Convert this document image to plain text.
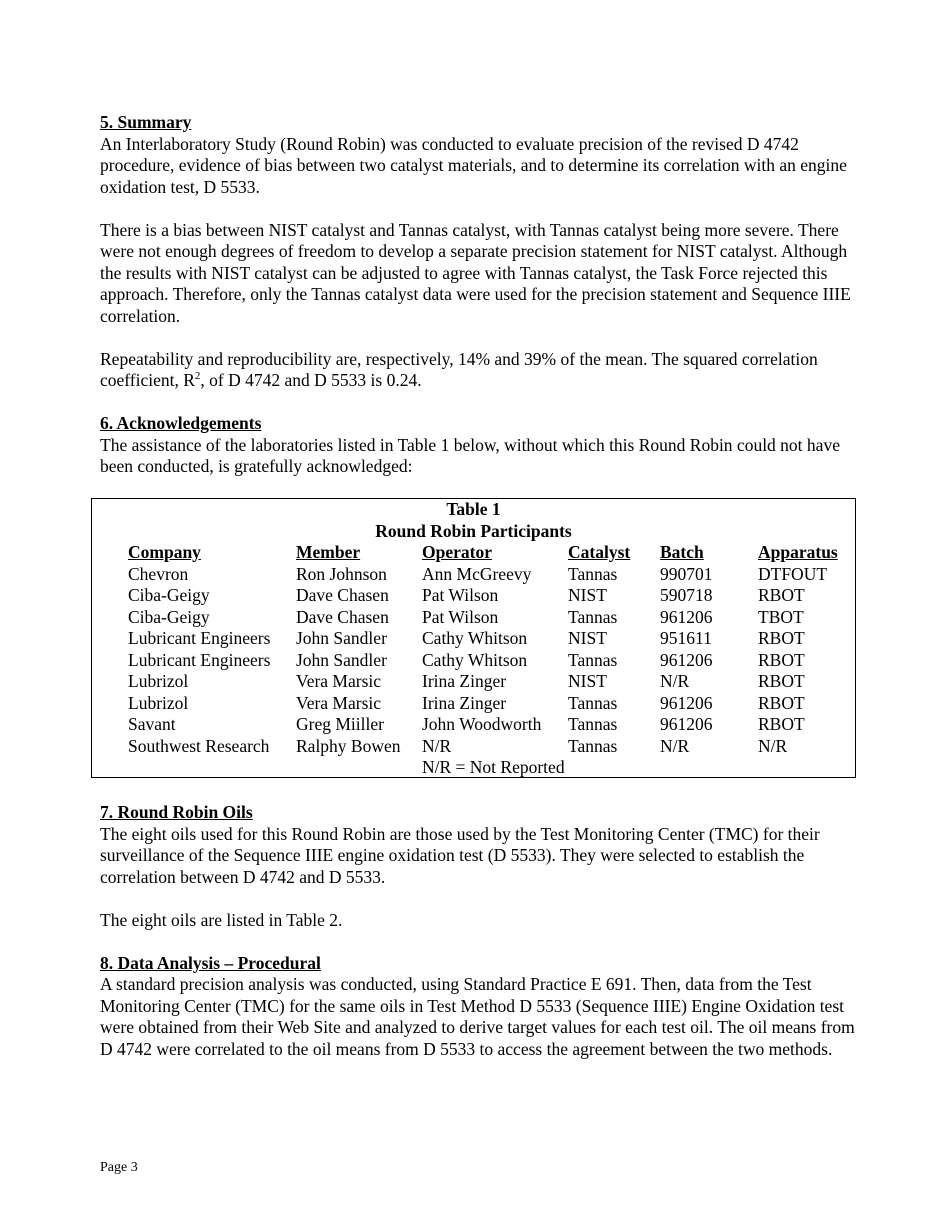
5. Summary

An Interlaboratory Study (Round Robin) was conducted to evaluate precision of the revised D 4742 procedure, evidence of bias between two catalyst materials, and to determine its correlation with an engine oxidation test, D 5533.

There is a bias between NIST catalyst and Tannas catalyst, with Tannas catalyst being more severe. There were not enough degrees of freedom to develop a separate precision statement for NIST catalyst. Although the results with NIST catalyst can be adjusted to agree with Tannas catalyst, the Task Force rejected this approach. Therefore, only the Tannas catalyst data were used for the precision statement and Sequence IIIE correlation.

Repeatability and reproducibility are, respectively, 14% and 39% of the mean. The squared correlation coefficient, $R^2$, of D 4742 and D 5533 is 0.24.

6. Acknowledgements

The assistance of the laboratories listed in Table 1 below, without which this Round Robin could not have been conducted, is gratefully acknowledged:

Table 1
Round Robin Participants
Company	Member	Operator	Catalyst	Batch	Apparatus
Chevron	Ron Johnson	Ann McGreevy	Tannas	990701	DTFOUT
Ciba-Geigy	Dave Chasen	Pat Wilson	NIST	590718	RBOT
Ciba-Geigy	Dave Chasen	Pat Wilson	Tannas	961206	TBOT
Lubricant Engineers	John Sandler	Cathy Whitson	NIST	951611	RBOT
Lubricant Engineers	John Sandler	Cathy Whitson	Tannas	961206	RBOT
Lubrizol	Vera Marsic	Irina Zinger	NIST	N/R	RBOT
Lubrizol	Vera Marsic	Irina Zinger	Tannas	961206	RBOT
Savant	Greg Miiller	John Woodworth	Tannas	961206	RBOT
Southwest Research	Ralphy Bowen	N/R	Tannas	N/R	N/R
		N/R = Not Reported			
7. Round Robin Oils

The eight oils used for this Round Robin are those used by the Test Monitoring Center (TMC) for their surveillance of the Sequence IIIE engine oxidation test (D 5533). They were selected to establish the correlation between D 4742 and D 5533.

The eight oils are listed in Table 2.

8. Data Analysis – Procedural

A standard precision analysis was conducted, using Standard Practice E 691. Then, data from the Test Monitoring Center (TMC) for the same oils in Test Method D 5533 (Sequence IIIE) Engine Oxidation test were obtained from their Web Site and analyzed to derive target values for each test oil. The oil means from D 4742 were correlated to the oil means from D 5533 to access the agreement between the two methods.

Page 3
